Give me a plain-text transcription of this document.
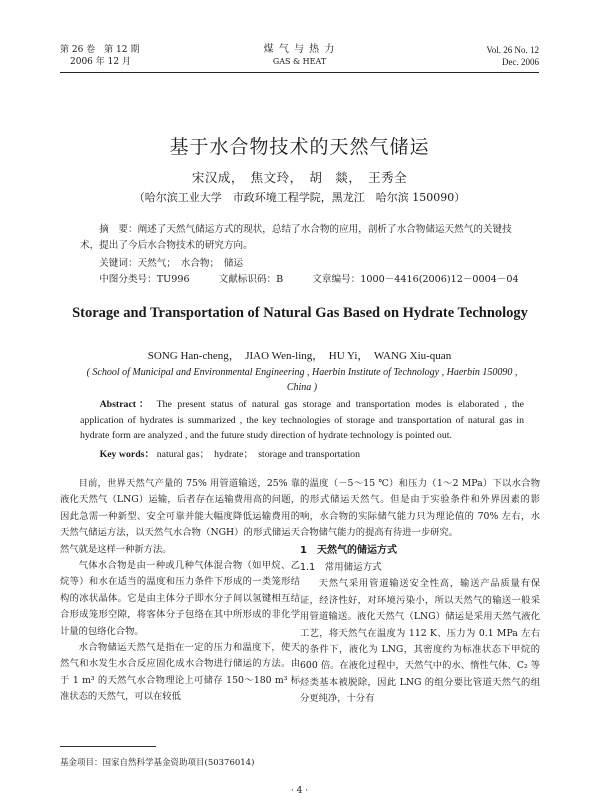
第 26 卷　第 12 期
2006 年 12 月
煤 气 与 热 力
GAS & HEAT
Vol. 26 No. 12
Dec. 2006
基于水合物技术的天然气储运
宋汉成，　焦文玲，　胡　燚，　王秀全
（哈尔滨工业大学　市政环境工程学院，黑龙江　哈尔滨 150090）
摘　要：阐述了天然气储运方式的现状，总结了水合物的应用，剖析了水合物储运天然气的关键技术，提出了今后水合物技术的研究方向。
关键词：天然气；　水合物；　储运
中图分类号：TU996	文献标识码：B	文章编号：1000－4416(2006)12－0004－04
Storage and Transportation of Natural Gas Based on Hydrate Technology
SONG Han-cheng，　JIAO Wen-ling，　HU Yi，　WANG Xiu-quan
( School of Municipal and Environmental Engineering , Haerbin Institute of Technology , Haerbin 150090 , China )
Abstract： The present status of natural gas storage and transportation modes is elaborated , the application of hydrates is summarized , the key technologies of storage and transportation of natural gas in hydrate form are analyzed , and the future study direction of hydrate technology is pointed out.
Key words： natural gas；　hydrate；　storage and transportation

目前，世界天然气产量的 75% 用管道输送，25% 靠液化天然气（LNG）运输，后者存在运输费用高的问题，因此急需一种新型、安全可靠并能大幅度降低运输费用的天然气储运方法，以天然气水合物（NGH）的形式储运天然气就是这样一种新方法。

气体水合物是由一种或几种气体混合物（如甲烷、乙烷等）和水在适当的温度和压力条件下形成的一类笼形结构的冰状晶体。它是由主体分子即水分子间以氢键相互结合形成笼形空隙，将客体分子包络在其中所形成的非化学计量的包络化合物。

水合物储运天然气是指在一定的压力和温度下，使天然气和水发生水合反应固化成水合物进行储运的方法。由于 1 m³ 的天然气水合物理论上可储存 150～180 m³ 标准状态的天然气，可以在较低

的温度（－5～15 ℃）和压力（1～2 MPa）下以水合物的形式储运天然气。但是由于实验条件和外界因素的影响，水合物的实际储气能力只为理论值的 70% 左右，水合物储气能力的提高有待进一步研究。

1　天然气的储运方式
1.1　常用储运方式

天然气采用管道输送安全性高，输送产品质量有保证，经济性好，对环境污染小，所以天然气的输送一般采用管道输送。液化天然气（LNG）储运是采用天然气液化工艺，将天然气在温度为 112 K、压力为 0.1 MPa 左右的条件下，液化为 LNG，其密度约为标准状态下甲烷的 600 倍。在液化过程中，天然气中的水、惰性气体、C₂ 等烃类基本被脱除，因此 LNG 的组分要比管道天然气的组分更纯净，十分有

基金项目：国家自然科学基金资助项目(50376014)
· 4 ·
